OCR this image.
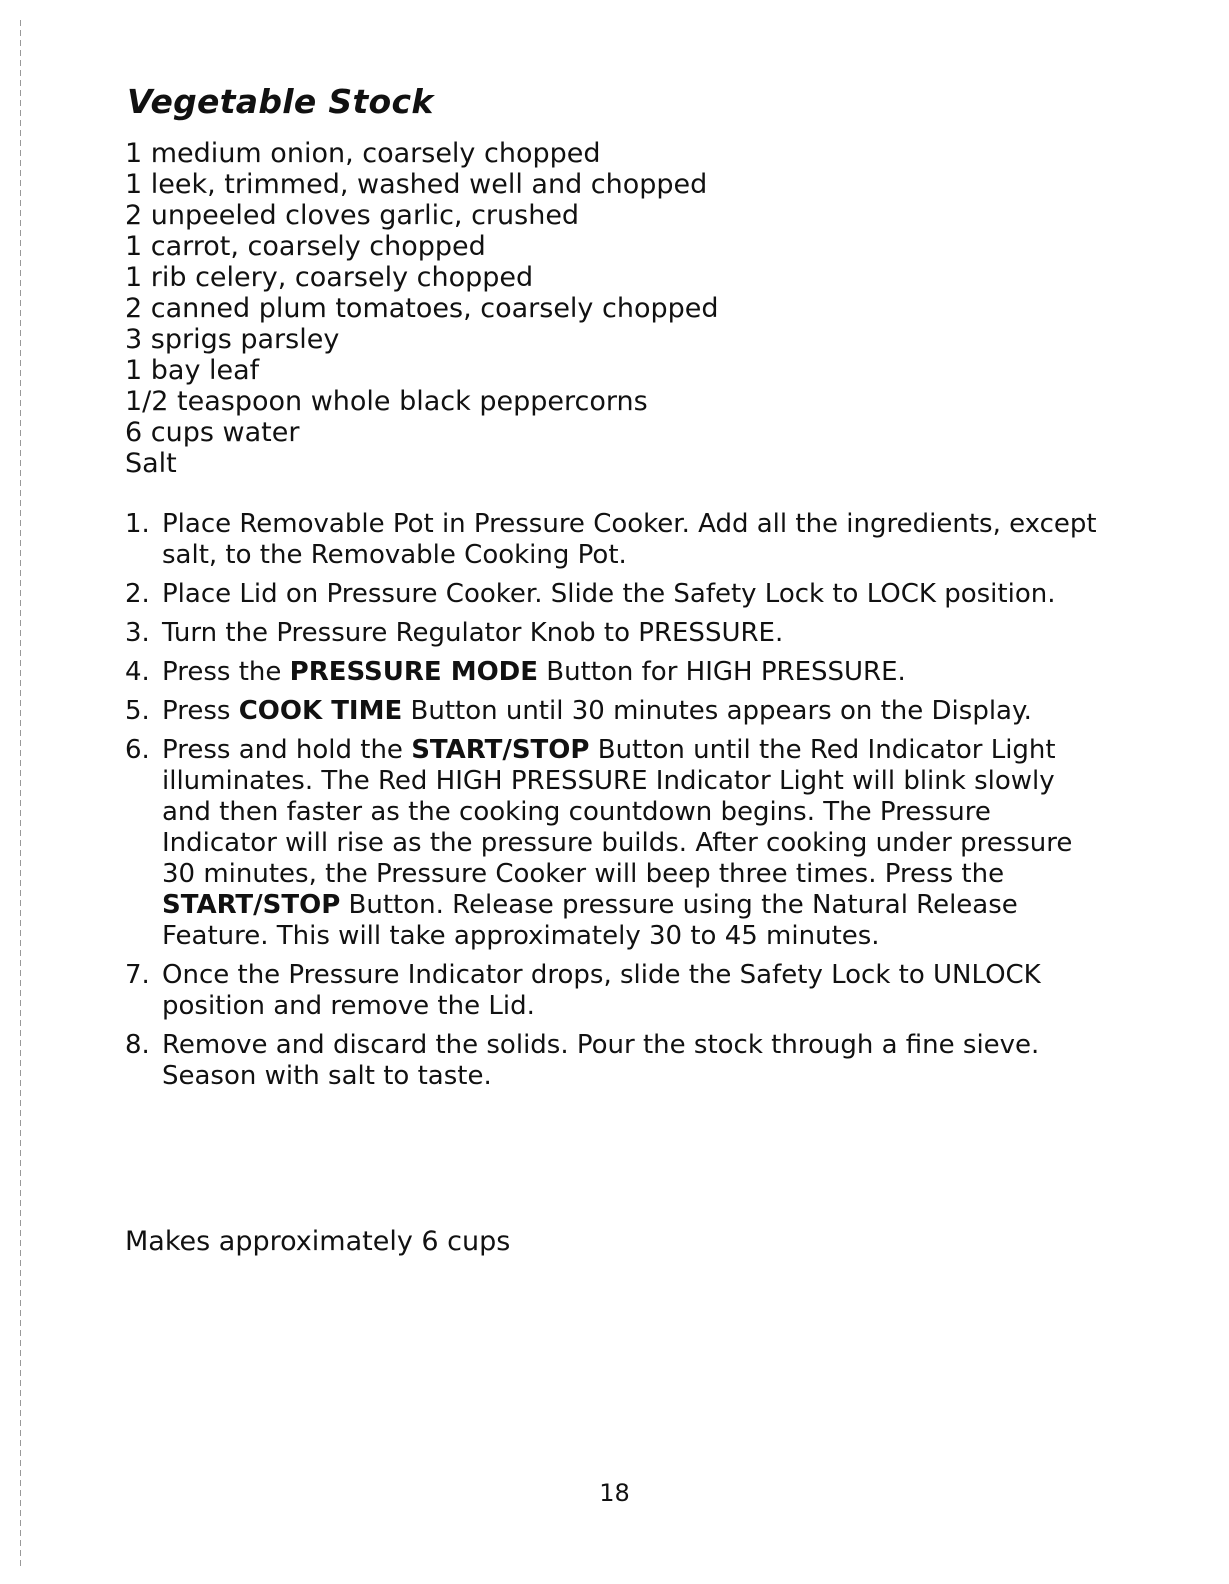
Vegetable Stock
1 medium onion, coarsely chopped
1 leek, trimmed, washed well and chopped
2 unpeeled cloves garlic, crushed
1 carrot, coarsely chopped
1 rib celery, coarsely chopped
2 canned plum tomatoes, coarsely chopped
3 sprigs parsley
1 bay leaf
1/2 teaspoon whole black peppercorns
6 cups water
Salt
1. Place Removable Pot in Pressure Cooker. Add all the ingredients, except salt, to the Removable Cooking Pot.
2. Place Lid on Pressure Cooker. Slide the Safety Lock to LOCK position.
3. Turn the Pressure Regulator Knob to PRESSURE.
4. Press the PRESSURE MODE Button for HIGH PRESSURE.
5. Press COOK TIME Button until 30 minutes appears on the Display.
6. Press and hold the START/STOP Button until the Red Indicator Light illuminates. The Red HIGH PRESSURE Indicator Light will blink slowly and then faster as the cooking countdown begins. The Pressure Indicator will rise as the pressure builds. After cooking under pressure 30 minutes, the Pressure Cooker will beep three times. Press the START/STOP Button. Release pressure using the Natural Release Feature. This will take approximately 30 to 45 minutes.
7. Once the Pressure Indicator drops, slide the Safety Lock to UNLOCK position and remove the Lid.
8. Remove and discard the solids. Pour the stock through a fine sieve. Season with salt to taste.

Makes approximately 6 cups

18
